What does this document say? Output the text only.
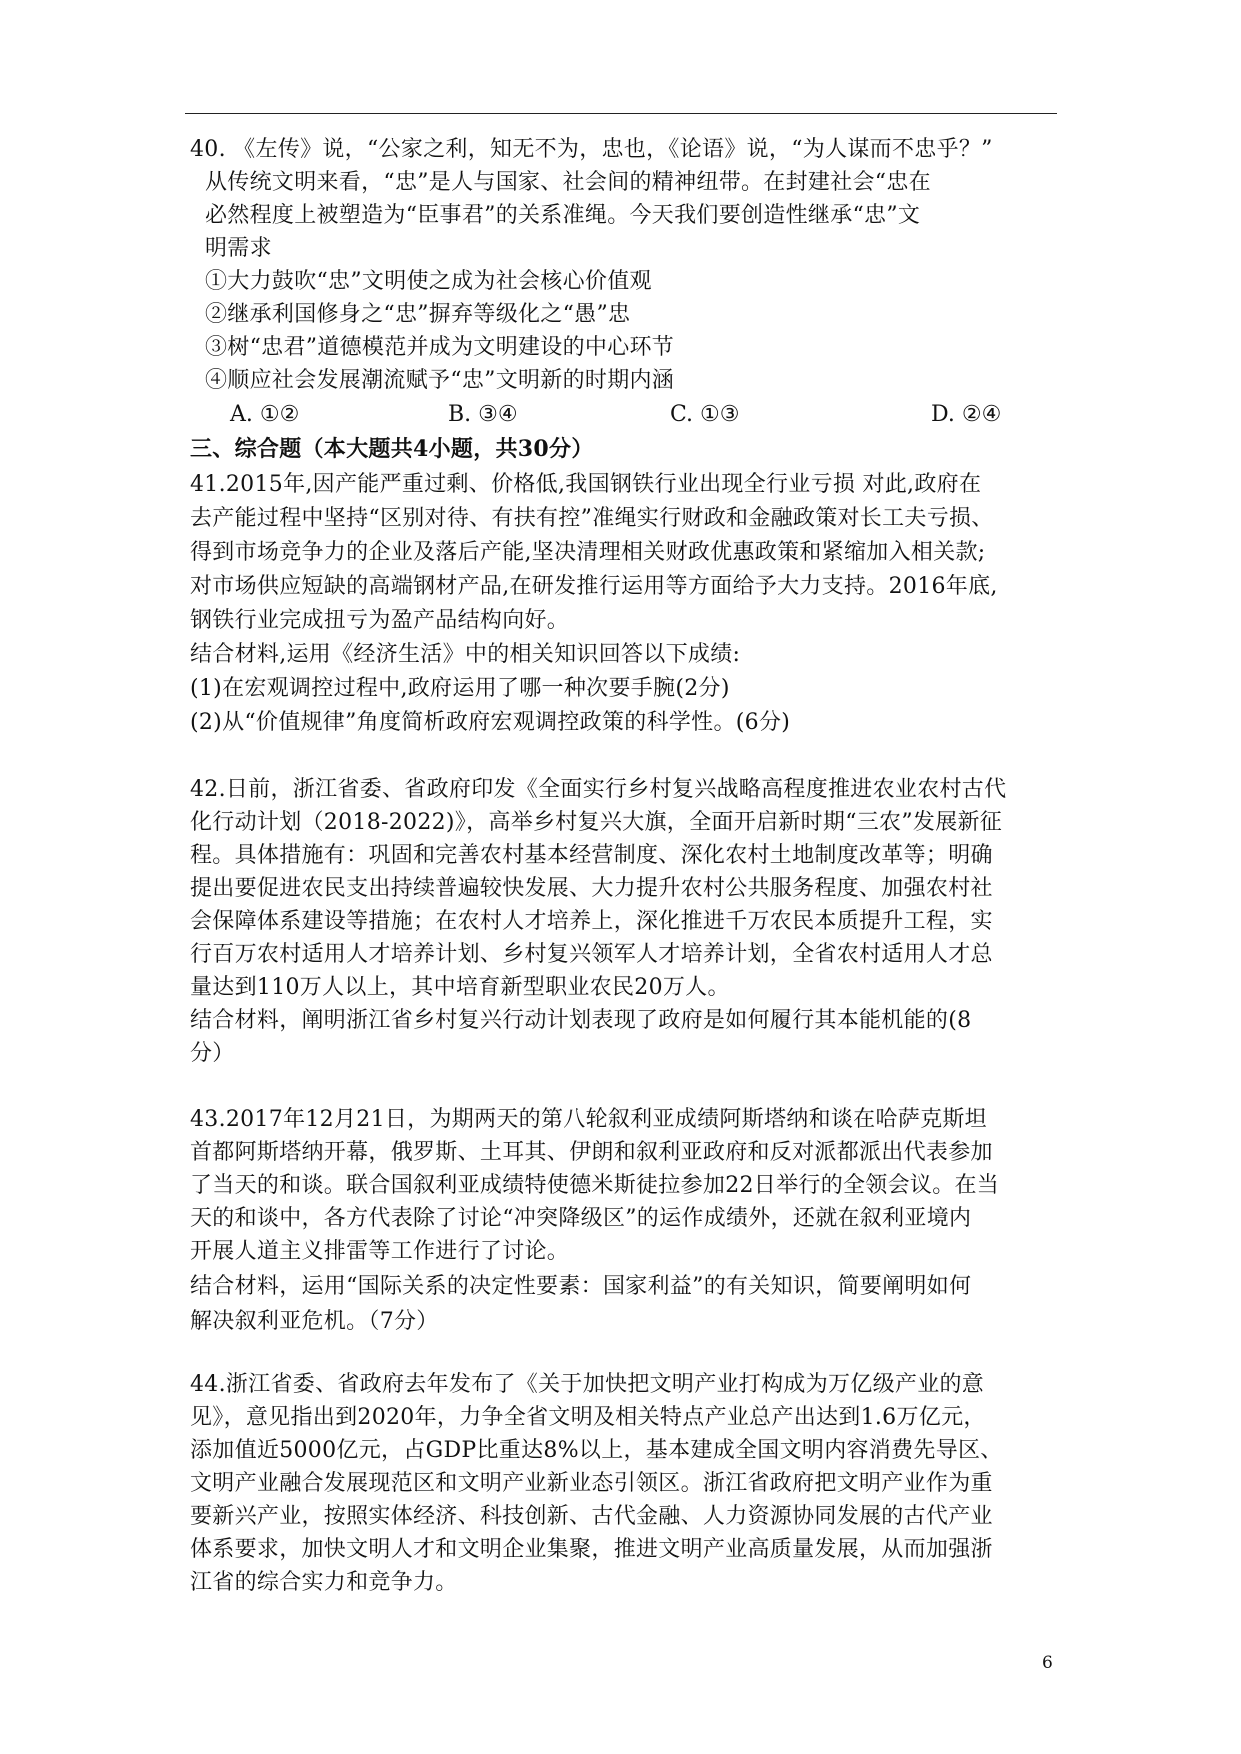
40. 《左传》说，“公家之利，知无不为，忠也，《论语》说，“为人谋而不忠乎？”
从传统文明来看，“忠”是人与国家、社会间的精神纽带。在封建社会“忠在
必然程度上被塑造为“臣事君”的关系准绳。今天我们要创造性继承“忠”文
明需求
①大力鼓吹“忠”文明使之成为社会核心价值观
②继承利国修身之“忠”摒弃等级化之“愚”忠
③树“忠君”道德模范并成为文明建设的中心环节
④顺应社会发展潮流赋予“忠”文明新的时期内涵
A. ①②	B. ③④	C. ①③	D. ②④
三、综合题（本大题共4小题，共30分）
41.2015年,因产能严重过剩、价格低,我国钢铁行业出现全行业亏损 对此,政府在
去产能过程中坚持“区别对待、有扶有控”准绳实行财政和金融政策对长工夫亏损、
得到市场竞争力的企业及落后产能,坚决清理相关财政优惠政策和紧缩加入相关款;
对市场供应短缺的高端钢材产品,在研发推行运用等方面给予大力支持。2016年底,
钢铁行业完成扭亏为盈产品结构向好。
结合材料,运用《经济生活》中的相关知识回答以下成绩:
(1)在宏观调控过程中,政府运用了哪一种次要手腕(2分)
(2)从“价值规律”角度简析政府宏观调控政策的科学性。(6分)
42.日前，浙江省委、省政府印发《全面实行乡村复兴战略高程度推进农业农村古代
化行动计划（2018-2022)》，高举乡村复兴大旗，全面开启新时期“三农”发展新征
程。具体措施有：巩固和完善农村基本经营制度、深化农村土地制度改革等；明确
提出要促进农民支出持续普遍较快发展、大力提升农村公共服务程度、加强农村社
会保障体系建设等措施；在农村人才培养上，深化推进千万农民本质提升工程，实
行百万农村适用人才培养计划、乡村复兴领军人才培养计划，全省农村适用人才总
量达到110万人以上，其中培育新型职业农民20万人。
结合材料，阐明浙江省乡村复兴行动计划表现了政府是如何履行其本能机能的(8
分）
43.2017年12月21日，为期两天的第八轮叙利亚成绩阿斯塔纳和谈在哈萨克斯坦
首都阿斯塔纳开幕，俄罗斯、土耳其、伊朗和叙利亚政府和反对派都派出代表参加
了当天的和谈。联合国叙利亚成绩特使德米斯徒拉参加22日举行的全领会议。在当
天的和谈中，各方代表除了讨论“冲突降级区”的运作成绩外，还就在叙利亚境内
开展人道主义排雷等工作进行了讨论。
结合材料，运用“国际关系的决定性要素：国家利益”的有关知识，简要阐明如何
解决叙利亚危机。（7分）
44.浙江省委、省政府去年发布了《关于加快把文明产业打构成为万亿级产业的意
见》，意见指出到2020年，力争全省文明及相关特点产业总产出达到1.6万亿元，
添加值近5000亿元，占GDP比重达8%以上，基本建成全国文明内容消费先导区、
文明产业融合发展现范区和文明产业新业态引领区。浙江省政府把文明产业作为重
要新兴产业，按照实体经济、科技创新、古代金融、人力资源协同发展的古代产业
体系要求，加快文明人才和文明企业集聚，推进文明产业高质量发展，从而加强浙
江省的综合实力和竞争力。
6
